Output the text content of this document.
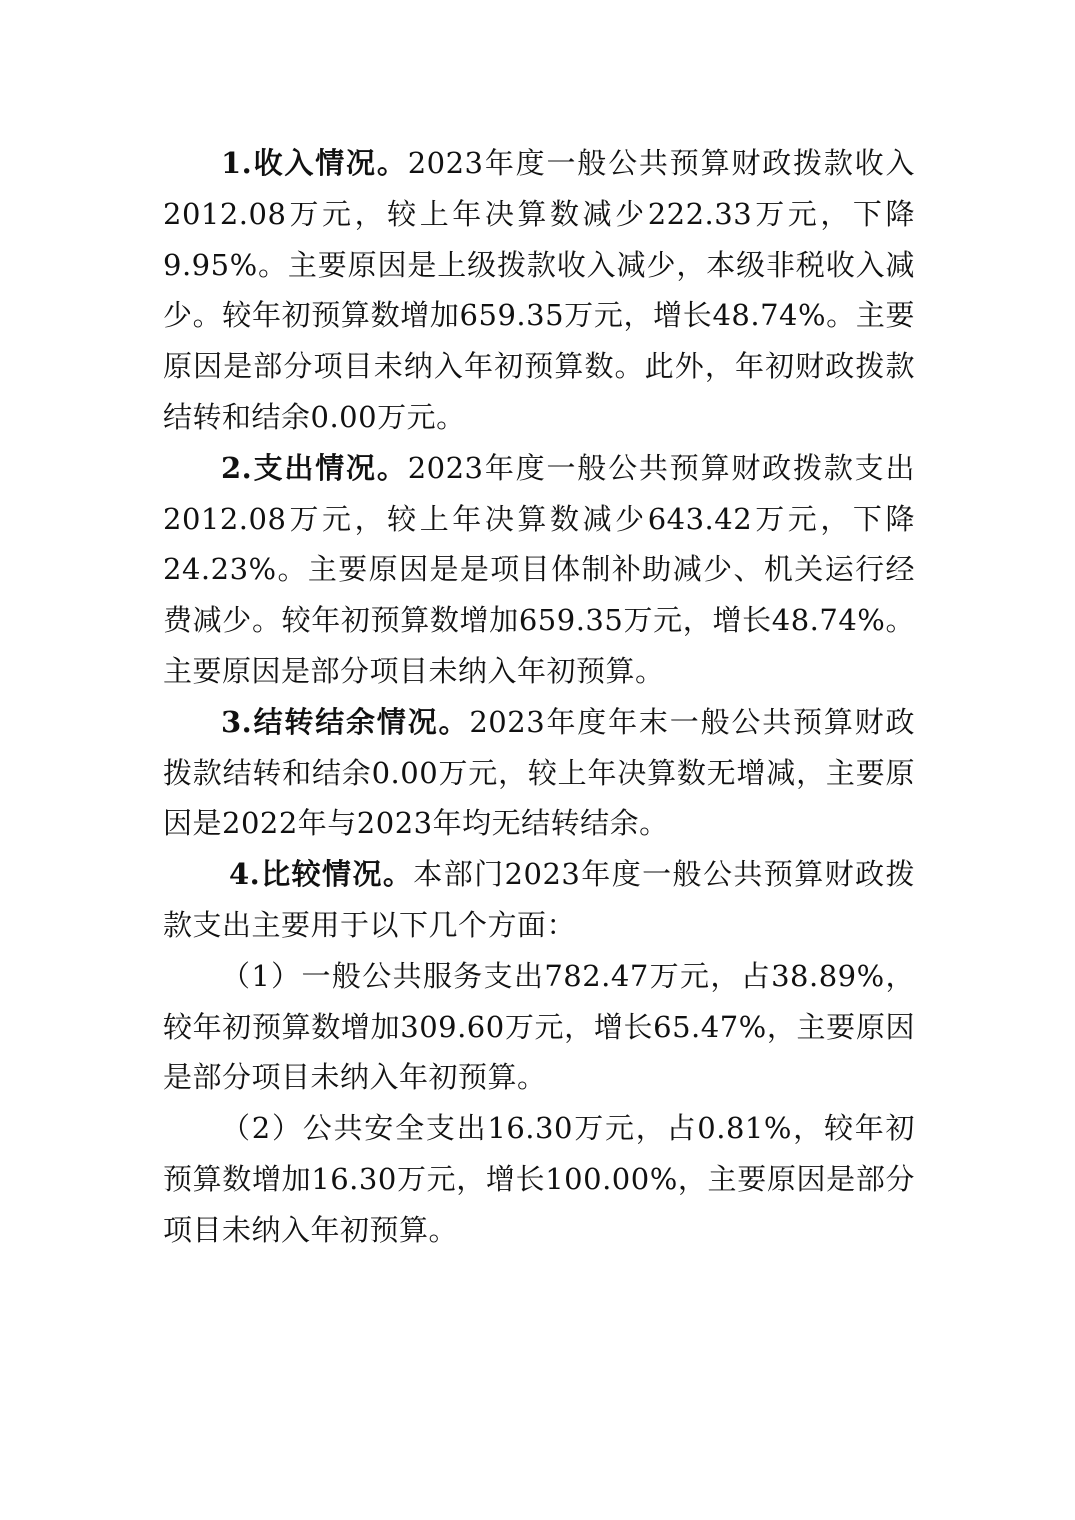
1.收入情况。2023年度一般公共预算财政拨款收入2012.08万元，较上年决算数减少222.33万元，下降9.95%。主要原因是上级拨款收入减少，本级非税收入减少。较年初预算数增加659.35万元，增长48.74%。主要原因是部分项目未纳入年初预算数。此外，年初财政拨款结转和结余0.00万元。

2.支出情况。2023年度一般公共预算财政拨款支出2012.08万元，较上年决算数减少643.42万元，下降24.23%。主要原因是是项目体制补助减少、机关运行经费减少。较年初预算数增加659.35万元，增长48.74%。主要原因是部分项目未纳入年初预算。

3.结转结余情况。2023年度年末一般公共预算财政拨款结转和结余0.00万元，较上年决算数无增减，主要原因是2022年与2023年均无结转结余。

4.比较情况。本部门2023年度一般公共预算财政拨款支出主要用于以下几个方面：

（1）一般公共服务支出782.47万元，占38.89%，较年初预算数增加309.60万元，增长65.47%，主要原因是部分项目未纳入年初预算。

（2）公共安全支出16.30万元，占0.81%，较年初预算数增加16.30万元，增长100.00%，主要原因是部分项目未纳入年初预算。
